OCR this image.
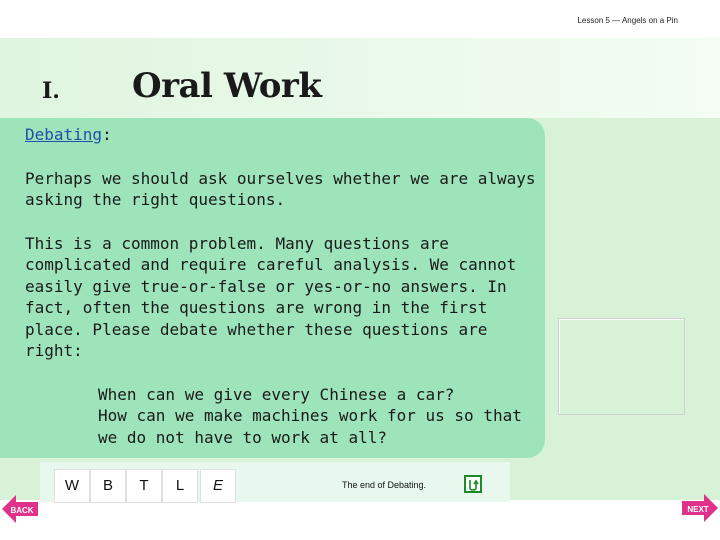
Lesson 5 — Angels on a Pin
I. Oral Work

Debating:

Perhaps we should ask ourselves whether we are always asking the right questions.

This is a common problem. Many questions are complicated and require careful analysis. We cannot easily give true-or-false or yes-or-no answers. In fact, often the questions are wrong in the first place. Please debate whether these questions are right:

When can we give every Chinese a car?
How can we make machines work for us so that we do not have to work at all?

W	B	T	L	E	The end of Debating.
BACK	NEXT
